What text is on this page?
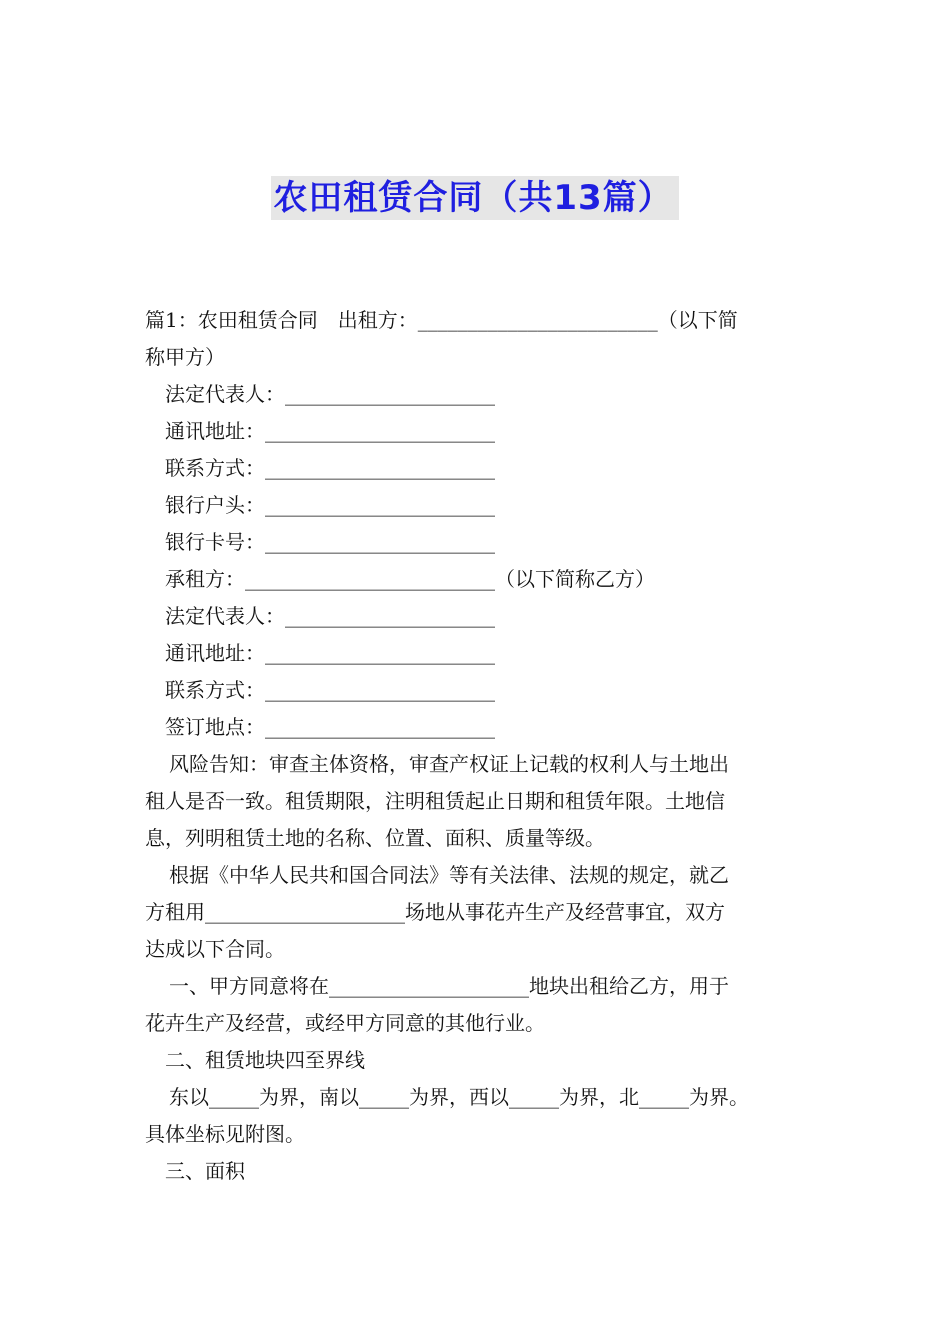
农田租赁合同（共13篇）
篇1：农田租赁合同　出租方：________________________（以下简
称甲方）
法定代表人：_____________________
通讯地址：_______________________
联系方式：_______________________
银行户头：_______________________
银行卡号：_______________________
承租方：_________________________（以下简称乙方）
法定代表人：_____________________
通讯地址：_______________________
联系方式：_______________________
签订地点：_______________________
风险告知：审查主体资格，审查产权证上记载的权利人与土地出
租人是否一致。租赁期限，注明租赁起止日期和租赁年限。土地信
息，列明租赁土地的名称、位置、面积、质量等级。
根据《中华人民共和国合同法》等有关法律、法规的规定，就乙
方租用____________________场地从事花卉生产及经营事宜，双方
达成以下合同。
一、甲方同意将在____________________地块出租给乙方，用于
花卉生产及经营，或经甲方同意的其他行业。
二、租赁地块四至界线
东以_____为界，南以_____为界，西以_____为界，北_____为界。
具体坐标见附图。
三、面积
